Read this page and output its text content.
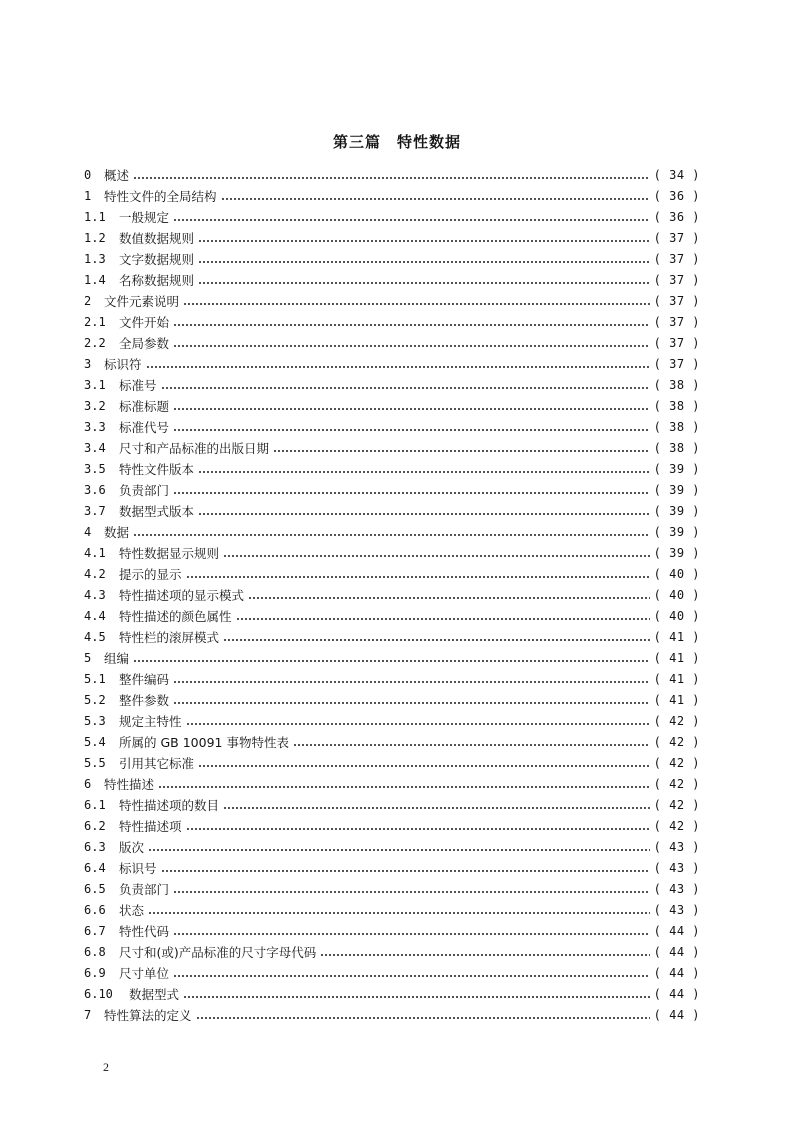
第三篇　特性数据
0	概述	( 34 )
1	特性文件的全局结构	( 36 )
1.1	一般规定	( 36 )
1.2	数值数据规则	( 37 )
1.3	文字数据规则	( 37 )
1.4	名称数据规则	( 37 )
2	文件元素说明	( 37 )
2.1	文件开始	( 37 )
2.2	全局参数	( 37 )
3	标识符	( 37 )
3.1	标准号	( 38 )
3.2	标准标题	( 38 )
3.3	标准代号	( 38 )
3.4	尺寸和产品标准的出版日期	( 38 )
3.5	特性文件版本	( 39 )
3.6	负责部门	( 39 )
3.7	数据型式版本	( 39 )
4	数据	( 39 )
4.1	特性数据显示规则	( 39 )
4.2	提示的显示	( 40 )
4.3	特性描述项的显示模式	( 40 )
4.4	特性描述的颜色属性	( 40 )
4.5	特性栏的滚屏模式	( 41 )
5	组编	( 41 )
5.1	整件编码	( 41 )
5.2	整件参数	( 41 )
5.3	规定主特性	( 42 )
5.4	所属的 GB 10091 事物特性表	( 42 )
5.5	引用其它标准	( 42 )
6	特性描述	( 42 )
6.1	特性描述项的数目	( 42 )
6.2	特性描述项	( 42 )
6.3	版次	( 43 )
6.4	标识号	( 43 )
6.5	负责部门	( 43 )
6.6	状态	( 43 )
6.7	特性代码	( 44 )
6.8	尺寸和(或)产品标准的尺寸字母代码	( 44 )
6.9	尺寸单位	( 44 )
6.10	数据型式	( 44 )
7	特性算法的定义	( 44 )
2
